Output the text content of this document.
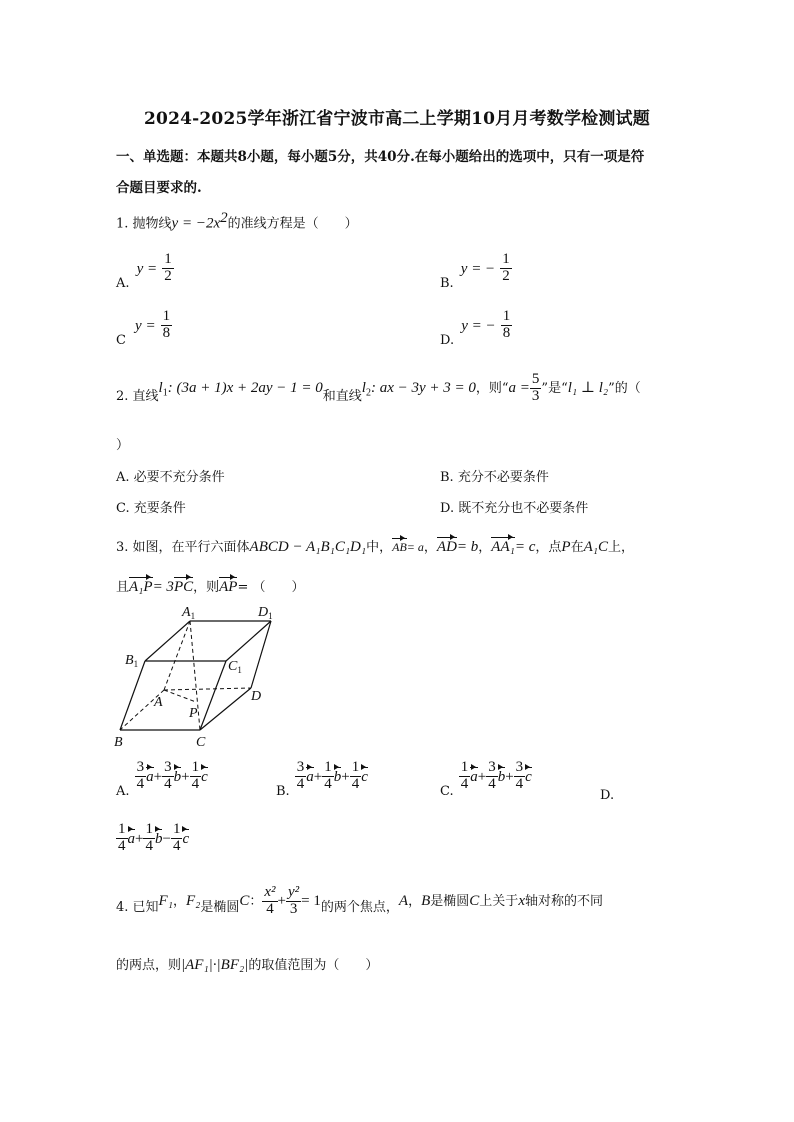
2024-2025学年浙江省宁波市高二上学期10月月考数学检测试题
一、单选题：本题共8小题，每小题5分，共40分.在每小题给出的选项中，只有一项是符
合题目要求的.
1. 抛物线$y = -2x^2$的准线方程是（　　）
$_{A.}$ $y = \frac{1}{2}$	$_{B.}$ y = − $\frac{1}{2}$
$_C$ $y = \frac{1}{8}$	$_{D.}$ y = − $\frac{1}{8}$
2. 直线$l_1$: (3a + 1)x + 2ay − 1 = 0和直线$l_2$: ax − 3y + 3 = 0，则“$a = \frac{5}{3}$ ”是“l₁ ⊥ l₂”的（
）
A. 必要不充分条件	B. 充分不必要条件
C. 充要条件	D. 既不充分也不必要条件
3. 如图，在平行六面体ABCD − A₁B₁C₁D₁中，AB= a，AD= b，AA₁= c，点P在A₁C上，
且A₁P= 3PC，则AP= （　　）
$A_1$	$D_1$
$B_1$	$C_1$
A	D
P
B	C
$_{A.} \frac{3}{4} a+ \frac{3}{4} b+ \frac{1}{4}$ c
$_{B.} \frac{3}{4} a+ \frac{1}{4} b+ \frac{1}{4}$ c
$_{C.} \frac{1}{4} a+ \frac{3}{4} b+ \frac{3}{4}$ c
D.
$\frac{1}{4} a+ \frac{1}{4} b- \frac{1}{4}$ c
4. 已知F₁，F₂是椭圆C： $\frac{\text{x²}}{4} + \frac{\text{y²}}{3} = 1$的两个焦点，A，B是椭圆C上关于x轴对称的不同
的两点，则|AF₁|·|BF₂|的取值范围为（　　）
